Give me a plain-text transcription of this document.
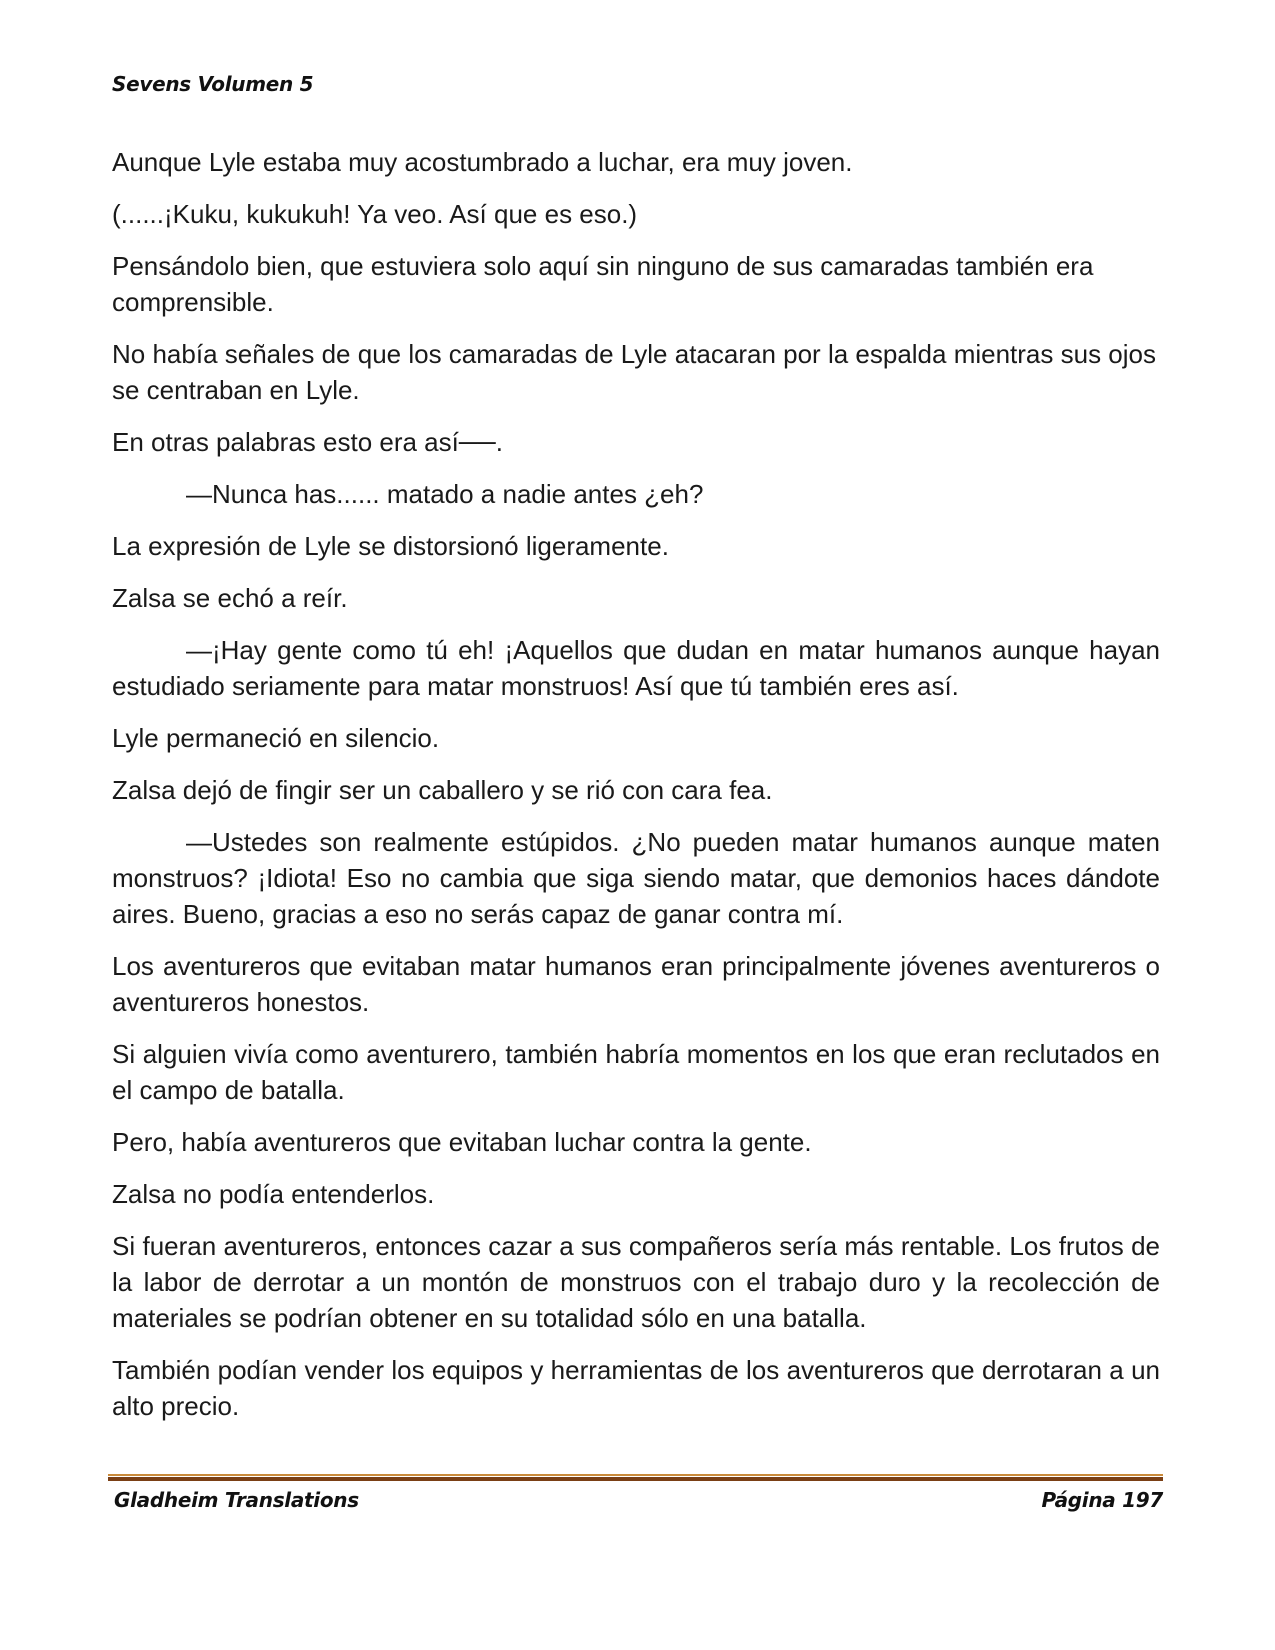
Sevens Volumen 5

Aunque Lyle estaba muy acostumbrado a luchar, era muy joven.

(......¡Kuku, kukukuh! Ya veo. Así que es eso.)

Pensándolo bien, que estuviera solo aquí sin ninguno de sus camaradas también era comprensible.

No había señales de que los camaradas de Lyle atacaran por la espalda mientras sus ojos se centraban en Lyle.

En otras palabras esto era así──.

—Nunca has...... matado a nadie antes ¿eh?

La expresión de Lyle se distorsionó ligeramente.

Zalsa se echó a reír.

—¡Hay gente como tú eh! ¡Aquellos que dudan en matar humanos aunque hayan estudiado seriamente para matar monstruos! Así que tú también eres así.

Lyle permaneció en silencio.

Zalsa dejó de fingir ser un caballero y se rió con cara fea.

—Ustedes son realmente estúpidos. ¿No pueden matar humanos aunque maten monstruos? ¡Idiota! Eso no cambia que siga siendo matar, que demonios haces dándote aires. Bueno, gracias a eso no serás capaz de ganar contra mí.

Los aventureros que evitaban matar humanos eran principalmente jóvenes aventureros o aventureros honestos.

Si alguien vivía como aventurero, también habría momentos en los que eran reclutados en el campo de batalla.

Pero, había aventureros que evitaban luchar contra la gente.

Zalsa no podía entenderlos.

Si fueran aventureros, entonces cazar a sus compañeros sería más rentable. Los frutos de la labor de derrotar a un montón de monstruos con el trabajo duro y la recolección de materiales se podrían obtener en su totalidad sólo en una batalla.

También podían vender los equipos y herramientas de los aventureros que derrotaran a un alto precio.

Gladheim Translations	Página 197
